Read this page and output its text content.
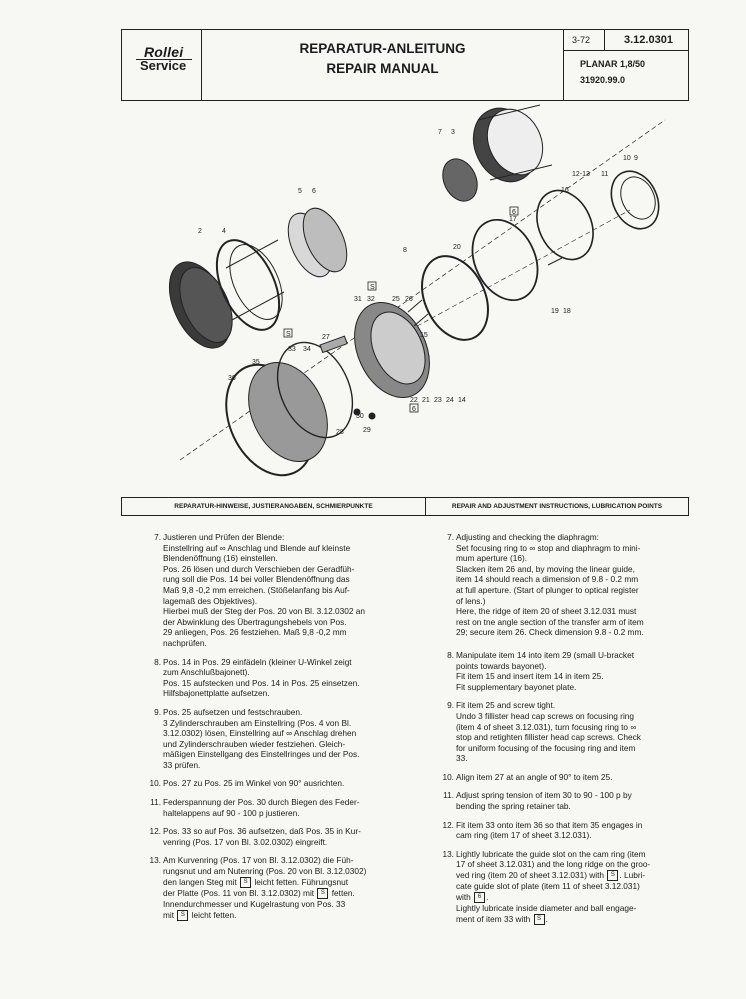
Rollei
Service
REPARATUR-ANLEITUNG
REPAIR MANUAL
3-72	3.12.0301
PLANAR 1,8/50
31920.99.0
2	4
5 6
7 3
8
10 9
12-13 11
16
17
20
19 18
31 32 25 26
27	15
33 34
35
36
22 21 23 24 14
30
29
28
S
6
S
6
REPARATUR-HINWEISE, JUSTIERANGABEN, SCHMIERPUNKTE	REPAIR AND ADJUSTMENT INSTRUCTIONS, LUBRICATION POINTS
7. Justieren und Prüfen der Blende:
Einstellring auf ∞ Anschlag und Blende auf kleinste
Blendenöffnung (16) einstellen.
Pos. 26 lösen und durch Verschieben der Geradfüh-
rung soll die Pos. 14 bei voller Blendenöffnung das
Maß 9,8 -0,2 mm erreichen. (Stößelanfang bis Auf-
lagemaß des Objektives).
Hierbei muß der Steg der Pos. 20 von Bl. 3.12.0302 an
der Abwinklung des Übertragungshebels von Pos.
29 anliegen, Pos. 26 festziehen. Maß 9,8 -0,2 mm
nachprüfen.
8. Pos. 14 in Pos. 29 einfädeln (kleiner U-Winkel zeigt
zum Anschlußbajonett).
Pos. 15 aufstecken und Pos. 14 in Pos. 25 einsetzen.
Hilfsbajonettplatte aufsetzen.
9. Pos. 25 aufsetzen und festschrauben.
3 Zylinderschrauben am Einstellring (Pos. 4 von Bl.
3.12.0302) lösen, Einstellring auf ∞ Anschlag drehen
und Zylinderschrauben wieder festziehen. Gleich-
mäßigen Einstellgang des Einstellringes und der Pos.
33 prüfen.
10. Pos. 27 zu Pos. 25 im Winkel von 90° ausrichten.
11. Federspannung der Pos. 30 durch Biegen des Feder-
haltelappens auf 90 - 100 p justieren.
12. Pos. 33 so auf Pos. 36 aufsetzen, daß Pos. 35 in Kur-
venring (Pos. 17 von Bl. 3.02.0302) eingreift.
13. Am Kurvenring (Pos. 17 von Bl. 3.12.0302) die Füh-
rungsnut und am Nutenring (Pos. 20 von Bl. 3.12.0302)
den langen Steg mit S leicht fetten. Führungsnut
der Platte (Pos. 11 von Bl. 3.12.0302) mit S fetten.
Innendurchmesser und Kugelrastung von Pos. 33
mit S leicht fetten.
7. Adjusting and checking the diaphragm:
Set focusing ring to ∞ stop and diaphragm to mini-
mum aperture (16).
Slacken item 26 and, by moving the linear guide,
item 14 should reach a dimension of 9.8 - 0.2 mm
at full aperture. (Start of plunger to optical register
of lens.)
Here, the ridge of item 20 of sheet 3.12.031 must
rest on tne angle section of the transfer arm of item
29; secure item 26. Check dimension 9.8 - 0.2 mm.
8. Manipulate item 14 into item 29 (small U-bracket
points towards bayonet).
Fit item 15 and insert item 14 in item 25.
Fit supplementary bayonet plate.
9. Fit item 25 and screw tight.
Undo 3 fillister head cap screws on focusing ring
(item 4 of sheet 3.12.031), turn focusing ring to ∞
stop and retighten fillister head cap screws. Check
for uniform focusing of the focusing ring and item
33.
10. Align item 27 at an angle of 90° to item 25.
11. Adjust spring tension of item 30 to 90 - 100 p by
bending the spring retainer tab.
12. Fit item 33 onto item 36 so that item 35 engages in
cam ring (item 17 of sheet 3.12.031).
13. Lightly lubricate the guide slot on the cam ring (item
17 of sheet 3.12.031) and the long ridge on the groo-
ved ring (item 20 of sheet 3.12.031) with S . Lubri-
cate guide slot of plate (item 11 of sheet 3.12.031)
with 6 .
Lightly lubricate inside diameter and ball engage-
ment of item 33 with S .
